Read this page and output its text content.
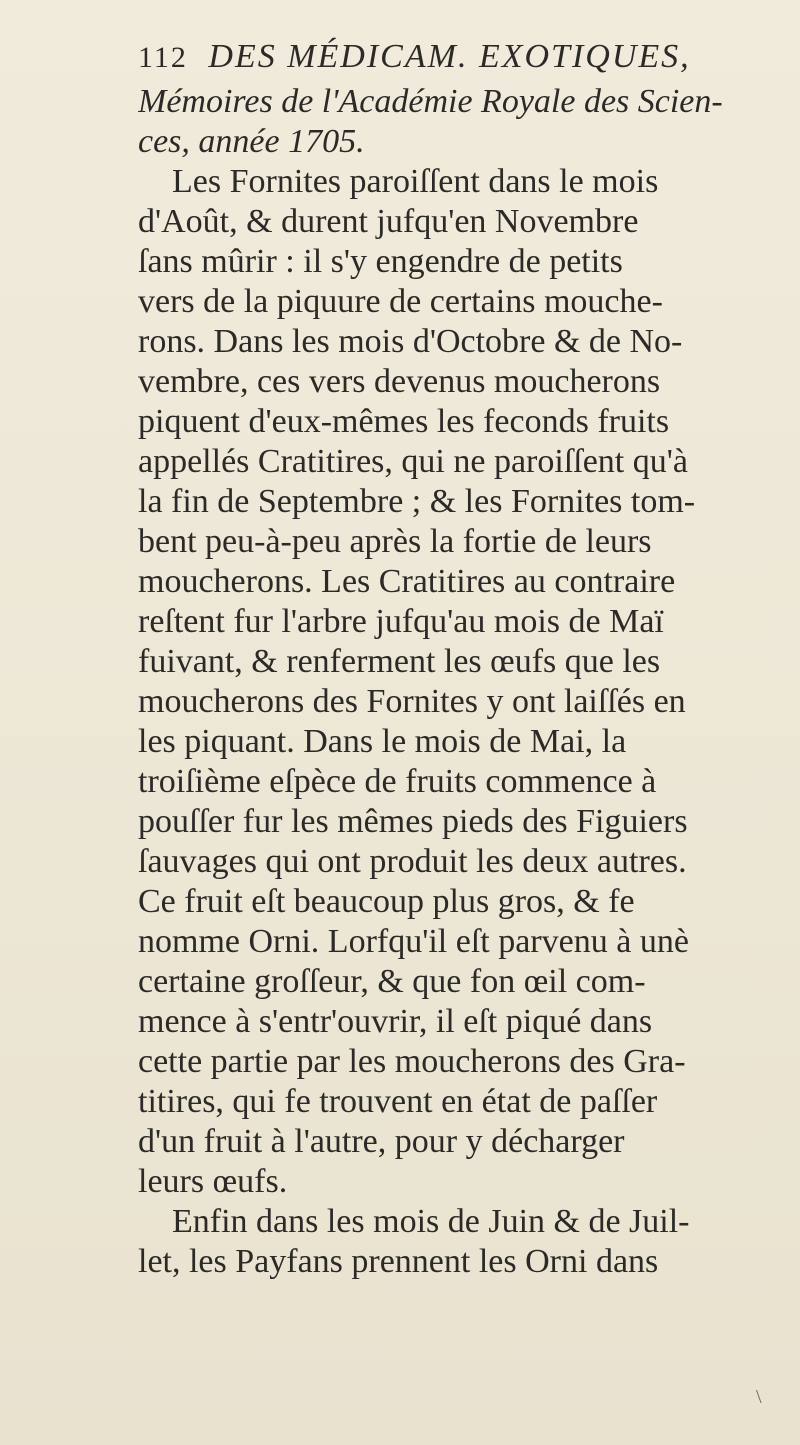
112 DES MÉDICAM. EXOTIQUES,
Mémoires de l'Académie Royale des Scien-
ces, année 1705.
Les Fornites paroiſſent dans le mois
d'Août, & durent jufqu'en Novembre
ſans mûrir : il s'y engendre de petits
vers de la piquure de certains mouche-
rons. Dans les mois d'Octobre & de No-
vembre, ces vers devenus moucherons
piquent d'eux-mêmes les feconds fruits
appellés Cratitires, qui ne paroiſſent qu'à
la fin de Septembre ; & les Fornites tom-
bent peu-à-peu après la fortie de leurs
moucherons. Les Cratitires au contraire
reſtent fur l'arbre jufqu'au mois de Maï
fuivant, & renferment les œufs que les
moucherons des Fornites y ont laiſſés en
les piquant. Dans le mois de Mai, la
troiſième eſpèce de fruits commence à
pouſſer fur les mêmes pieds des Figuiers
ſauvages qui ont produit les deux autres.
Ce fruit eſt beaucoup plus gros, & fe
nomme Orni. Lorfqu'il eſt parvenu à unè
certaine groſſeur, & que fon œil com-
mence à s'entr'ouvrir, il eſt piqué dans
cette partie par les moucherons des Gra-
titires, qui fe trouvent en état de paſſer
d'un fruit à l'autre, pour y décharger
leurs œufs.
Enfin dans les mois de Juin & de Juil-
let, les Payfans prennent les Orni dans
\
